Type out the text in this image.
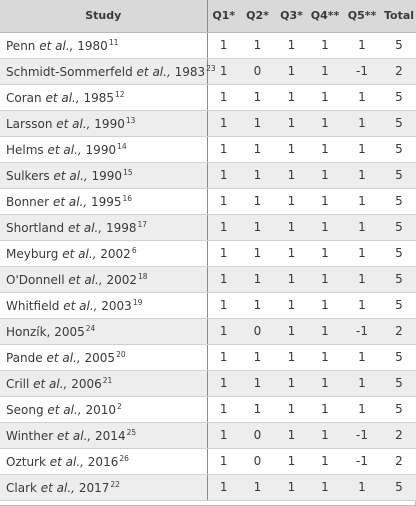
Study	Q1*	Q2*	Q3*	Q4**	Q5**	Total
Penn et al., 1980$^{11}$	1	1	1	1	1	5
Schmidt-Sommerfeld et al., 1983$^{23}$	1	0	1	1	-1	2
Coran et al., 1985$^{12}$	1	1	1	1	1	5
Larsson et al., 1990$^{13}$	1	1	1	1	1	5
Helms et al., 1990$^{14}$	1	1	1	1	1	5
Sulkers et al., 1990$^{15}$	1	1	1	1	1	5
Bonner et al., 1995$^{16}$	1	1	1	1	1	5
Shortland et al., 1998$^{17}$	1	1	1	1	1	5
Meyburg et al., 2002$^6$	1	1	1	1	1	5
O'Donnell et al., 2002$^{18}$	1	1	1	1	1	5
Whitfield et al., 2003$^{19}$	1	1	1	1	1	5
Honzík, 2005$^{24}$	1	0	1	1	-1	2
Pande et al., 2005$^{20}$	1	1	1	1	1	5
Crill et al., 2006$^{21}$	1	1	1	1	1	5
Seong et al., 2010$^2$	1	1	1	1	1	5
Winther et al., 2014$^{25}$	1	0	1	1	-1	2
Ozturk et al., 2016$^{26}$	1	0	1	1	-1	2
Clark et al., 2017$^{22}$	1	1	1	1	1	5
